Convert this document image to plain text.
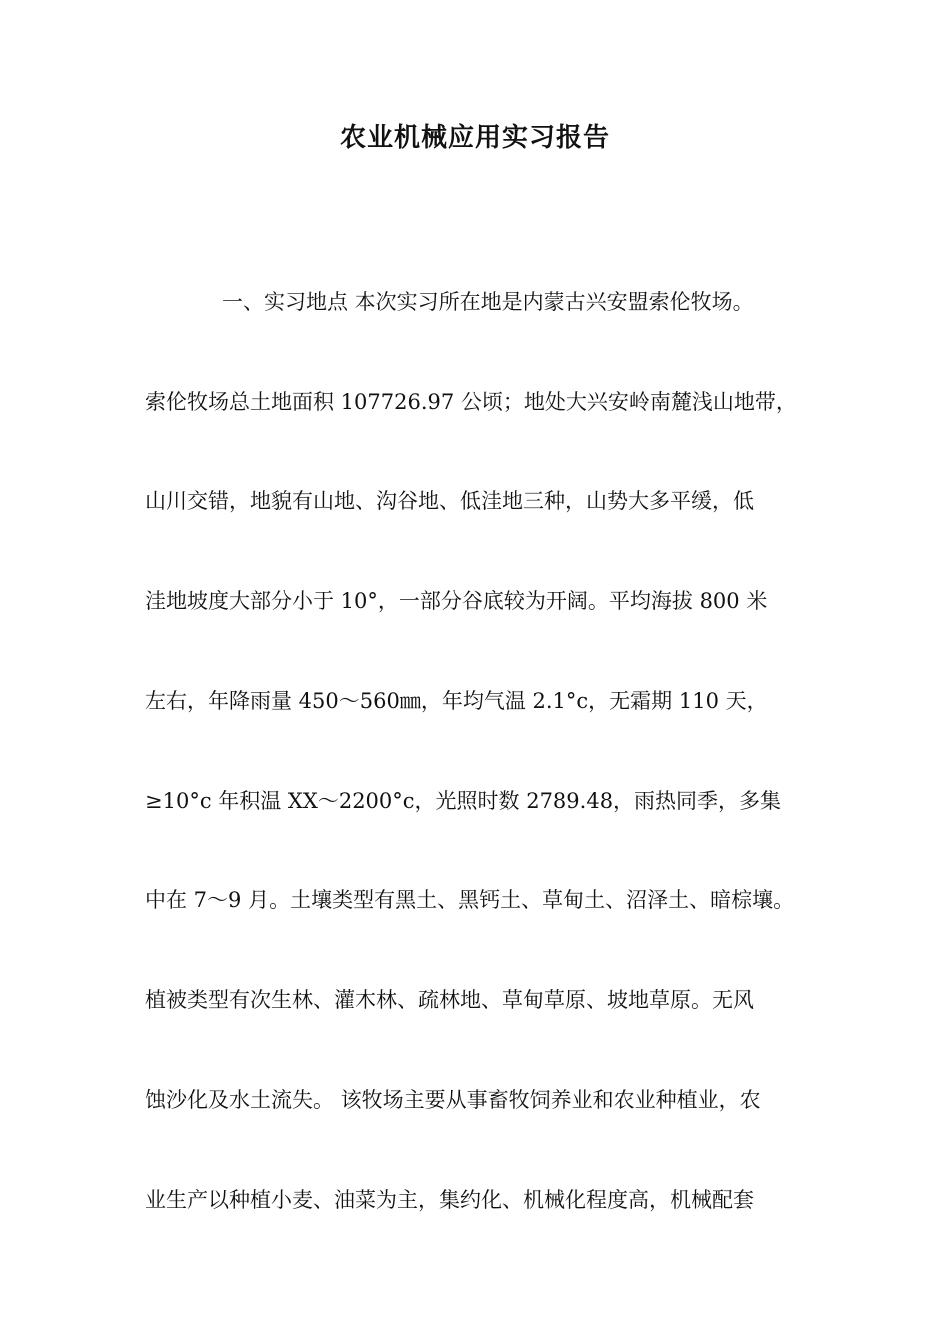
农业机械应用实习报告
一、实习地点 本次实习所在地是内蒙古兴安盟索伦牧场。
索伦牧场总土地面积 107726.97 公顷；地处大兴安岭南麓浅山地带，
山川交错，地貌有山地、沟谷地、低洼地三种，山势大多平缓，低
洼地坡度大部分小于 10°，一部分谷底较为开阔。平均海拔 800 米
左右，年降雨量 450～560㎜，年均气温 2.1°c，无霜期 110 天，
≥10°c 年积温 XX～2200°c，光照时数 2789.48，雨热同季，多集
中在 7～9 月。土壤类型有黑土、黑钙土、草甸土、沼泽土、暗棕壤。
植被类型有次生林、灌木林、疏林地、草甸草原、坡地草原。无风
蚀沙化及水土流失。 该牧场主要从事畜牧饲养业和农业种植业，农
业生产以种植小麦、油菜为主，集约化、机械化程度高，机械配套
